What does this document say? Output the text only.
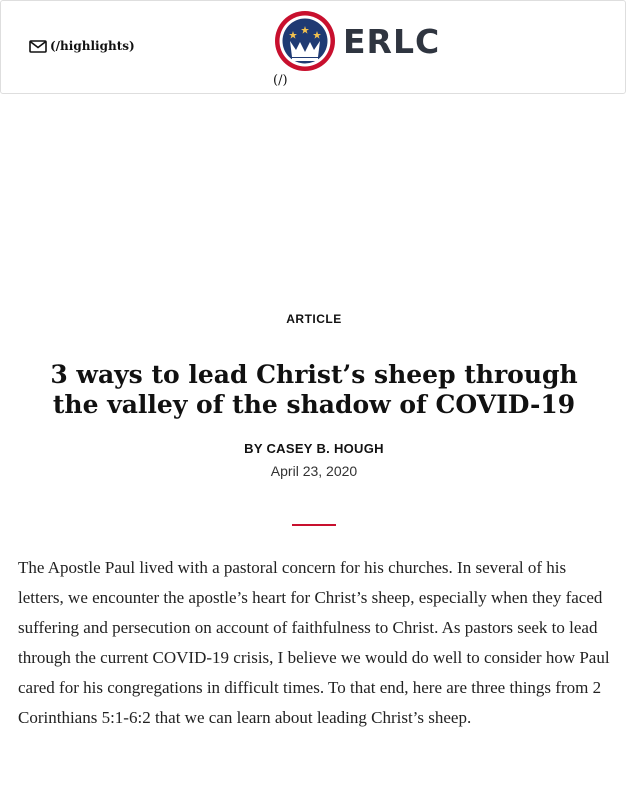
(/highlights)	ERLC
(/)
ARTICLE
3 ways to lead Christ’s sheep through the valley of the shadow of COVID-19
BY CASEY B. HOUGH
April 23, 2020

The Apostle Paul lived with a pastoral concern for his churches. In several of his letters, we encounter the apostle’s heart for Christ’s sheep, especially when they faced suffering and persecution on account of faithfulness to Christ. As pastors seek to lead through the current COVID-19 crisis, I believe we would do well to consider how Paul cared for his congregations in difficult times. To that end, here are three things from 2 Corinthians 5:1-6:2 that we can learn about leading Christ’s sheep.
